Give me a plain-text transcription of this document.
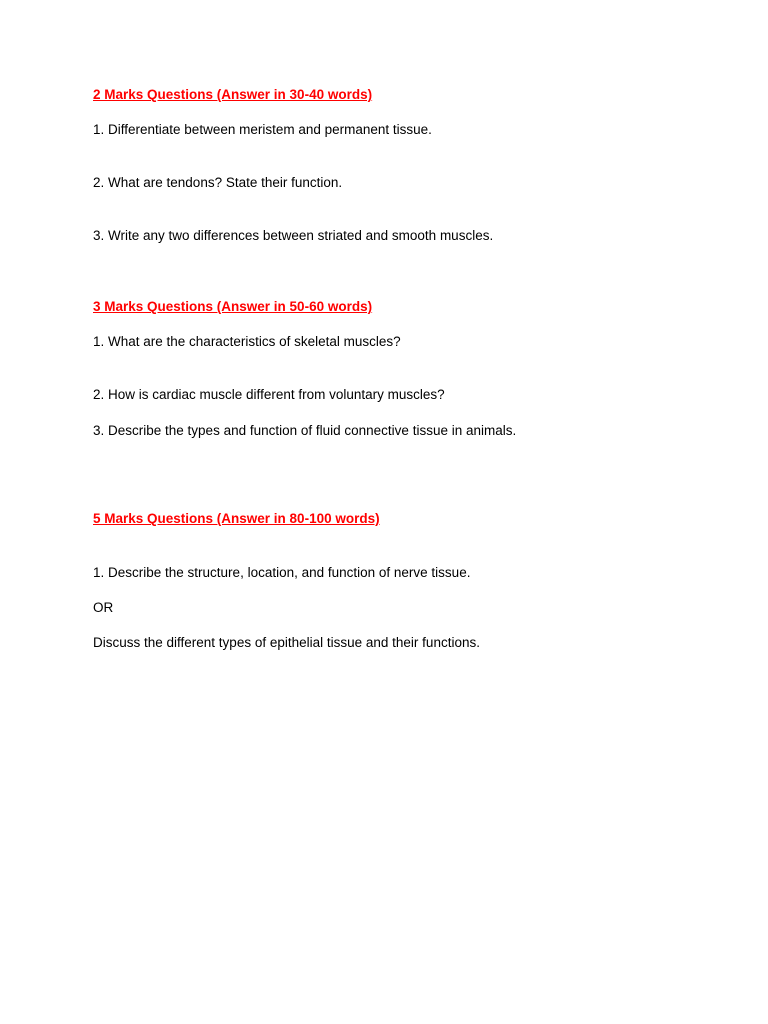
2 Marks Questions (Answer in 30-40 words)
1. Differentiate between meristem and permanent tissue.
2. What are tendons? State their function.
3. Write any two differences between striated and smooth muscles.
3 Marks Questions (Answer in 50-60 words)
1. What are the characteristics of skeletal muscles?
2. How is cardiac muscle different from voluntary muscles?
3. Describe the types and function of fluid connective tissue in animals.
5 Marks Questions (Answer in 80-100 words)
1. Describe the structure, location, and function of nerve tissue.
OR
Discuss the different types of epithelial tissue and their functions.
